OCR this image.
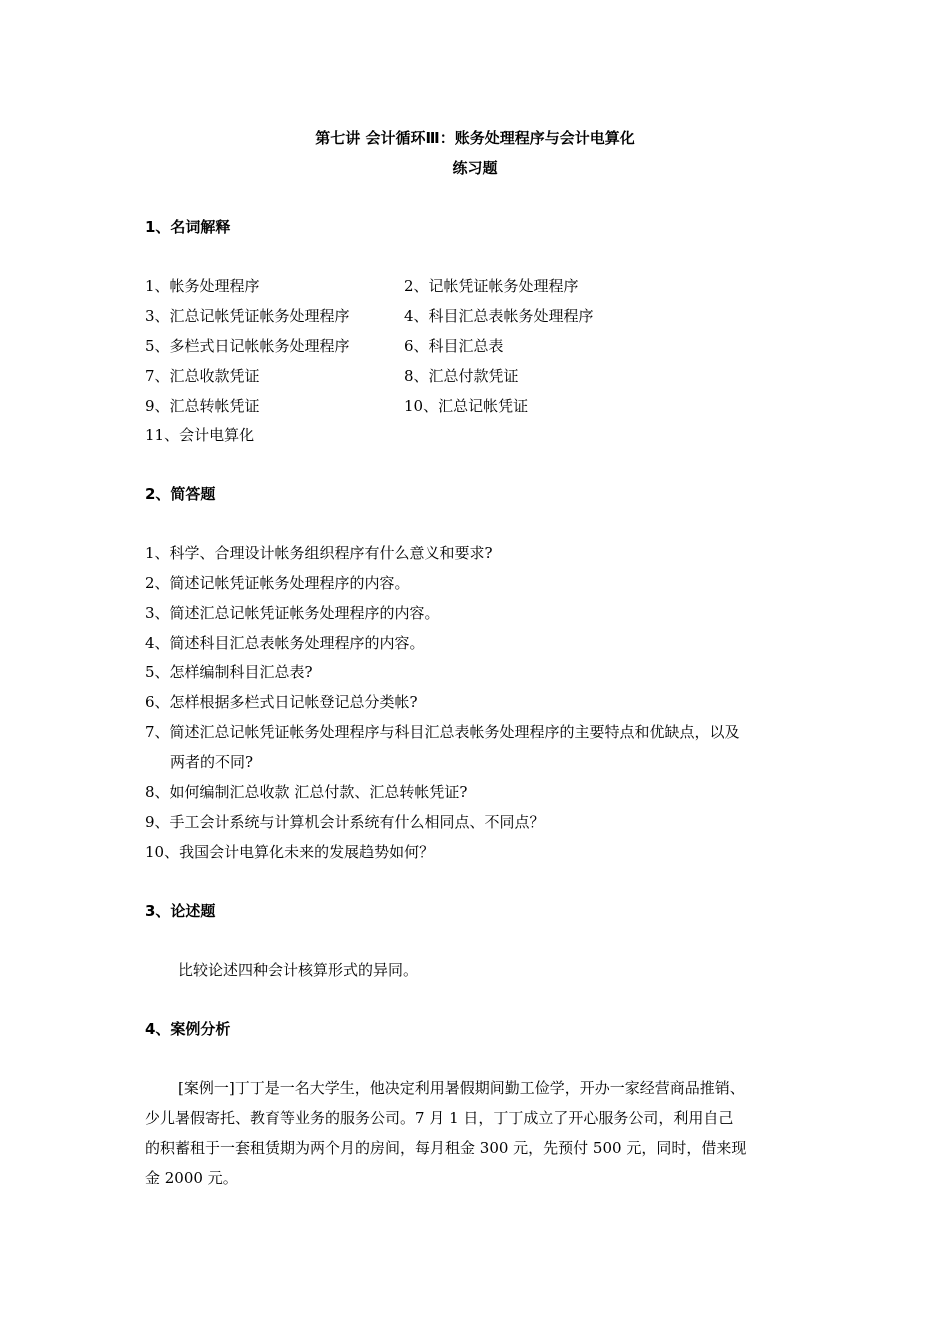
第七讲 会计循环Ⅲ：账务处理程序与会计电算化
练习题
1、名词解释
1、帐务处理程序	2、记帐凭证帐务处理程序
3、汇总记帐凭证帐务处理程序	4、科目汇总表帐务处理程序
5、多栏式日记帐帐务处理程序	6、科目汇总表
7、汇总收款凭证	8、汇总付款凭证
9、汇总转帐凭证	10、汇总记帐凭证
11、会计电算化
2、简答题
1、科学、合理设计帐务组织程序有什么意义和要求?
2、简述记帐凭证帐务处理程序的内容。
3、简述汇总记帐凭证帐务处理程序的内容。
4、简述科目汇总表帐务处理程序的内容。
5、怎样编制科目汇总表?
6、怎样根据多栏式日记帐登记总分类帐?
7、简述汇总记帐凭证帐务处理程序与科目汇总表帐务处理程序的主要特点和优缺点，以及
两者的不同?
8、如何编制汇总收款 汇总付款、汇总转帐凭证?
9、手工会计系统与计算机会计系统有什么相同点、不同点？
10、我国会计电算化未来的发展趋势如何？
3、论述题
比较论述四种会计核算形式的异同。
4、案例分析
[案例一]丁丁是一名大学生，他决定利用暑假期间勤工俭学，开办一家经营商品推销、
少儿暑假寄托、教育等业务的服务公司。7 月 1 日，丁丁成立了开心服务公司，利用自己
的积蓄租于一套租赁期为两个月的房间，每月租金 300 元，先预付 500 元，同时，借来现
金 2000 元。
